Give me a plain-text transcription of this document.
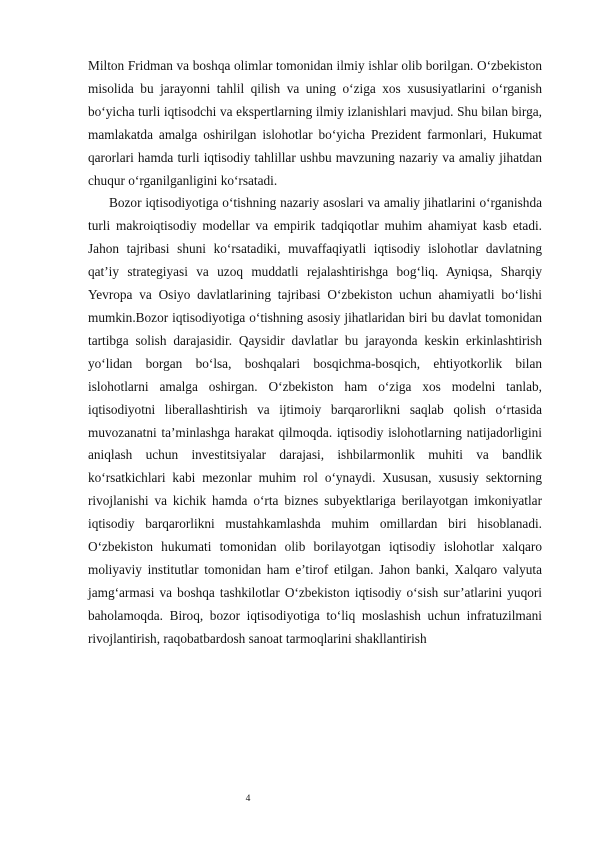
Milton Fridman va boshqa olimlar tomonidan ilmiy ishlar olib borilgan. O‘zbekiston misolida bu jarayonni tahlil qilish va uning o‘ziga xos xususiyatlarini o‘rganish bo‘yicha turli iqtisodchi va ekspertlarning ilmiy izlanishlari mavjud. Shu bilan birga, mamlakatda amalga oshirilgan islohotlar bo‘yicha Prezident farmonlari, Hukumat qarorlari hamda turli iqtisodiy tahlillar ushbu mavzuning nazariy va amaliy jihatdan chuqur o‘rganilganligini ko‘rsatadi.

Bozor iqtisodiyotiga o‘tishning nazariy asoslari va amaliy jihatlarini o‘rganishda turli makroiqtisodiy modellar va empirik tadqiqotlar muhim ahamiyat kasb etadi. Jahon tajribasi shuni ko‘rsatadiki, muvaffaqiyatli iqtisodiy islohotlar davlatning qat’iy strategiyasi va uzoq muddatli rejalashtirishga bog‘liq. Ayniqsa, Sharqiy Yevropa va Osiyo davlatlarining tajribasi O‘zbekiston uchun ahamiyatli bo‘lishi mumkin.Bozor iqtisodiyotiga o‘tishning asosiy jihatlaridan biri bu davlat tomonidan tartibga solish darajasidir. Qaysidir davlatlar bu jarayonda keskin erkinlashtirish yo‘lidan borgan bo‘lsa, boshqalari bosqichma-bosqich, ehtiyotkorlik bilan islohotlarni amalga oshirgan. O‘zbekiston ham o‘ziga xos modelni tanlab, iqtisodiyotni liberallashtirish va ijtimoiy barqarorlikni saqlab qolish o‘rtasida muvozanatni ta’minlashga harakat qilmoqda. iqtisodiy islohotlarning natijadorligini aniqlash uchun investitsiyalar darajasi, ishbilarmonlik muhiti va bandlik ko‘rsatkichlari kabi mezonlar muhim rol o‘ynaydi. Xususan, xususiy sektorning rivojlanishi va kichik hamda o‘rta biznes subyektlariga berilayotgan imkoniyatlar iqtisodiy barqarorlikni mustahkamlashda muhim omillardan biri hisoblanadi. O‘zbekiston hukumati tomonidan olib borilayotgan iqtisodiy islohotlar xalqaro moliyaviy institutlar tomonidan ham e’tirof etilgan. Jahon banki, Xalqaro valyuta jamg‘armasi va boshqa tashkilotlar O‘zbekiston iqtisodiy o‘sish sur’atlarini yuqori baholamoqda. Biroq, bozor iqtisodiyotiga to‘liq moslashish uchun infratuzilmani rivojlantirish, raqobatbardosh sanoat tarmoqlarini shakllantirish

4
